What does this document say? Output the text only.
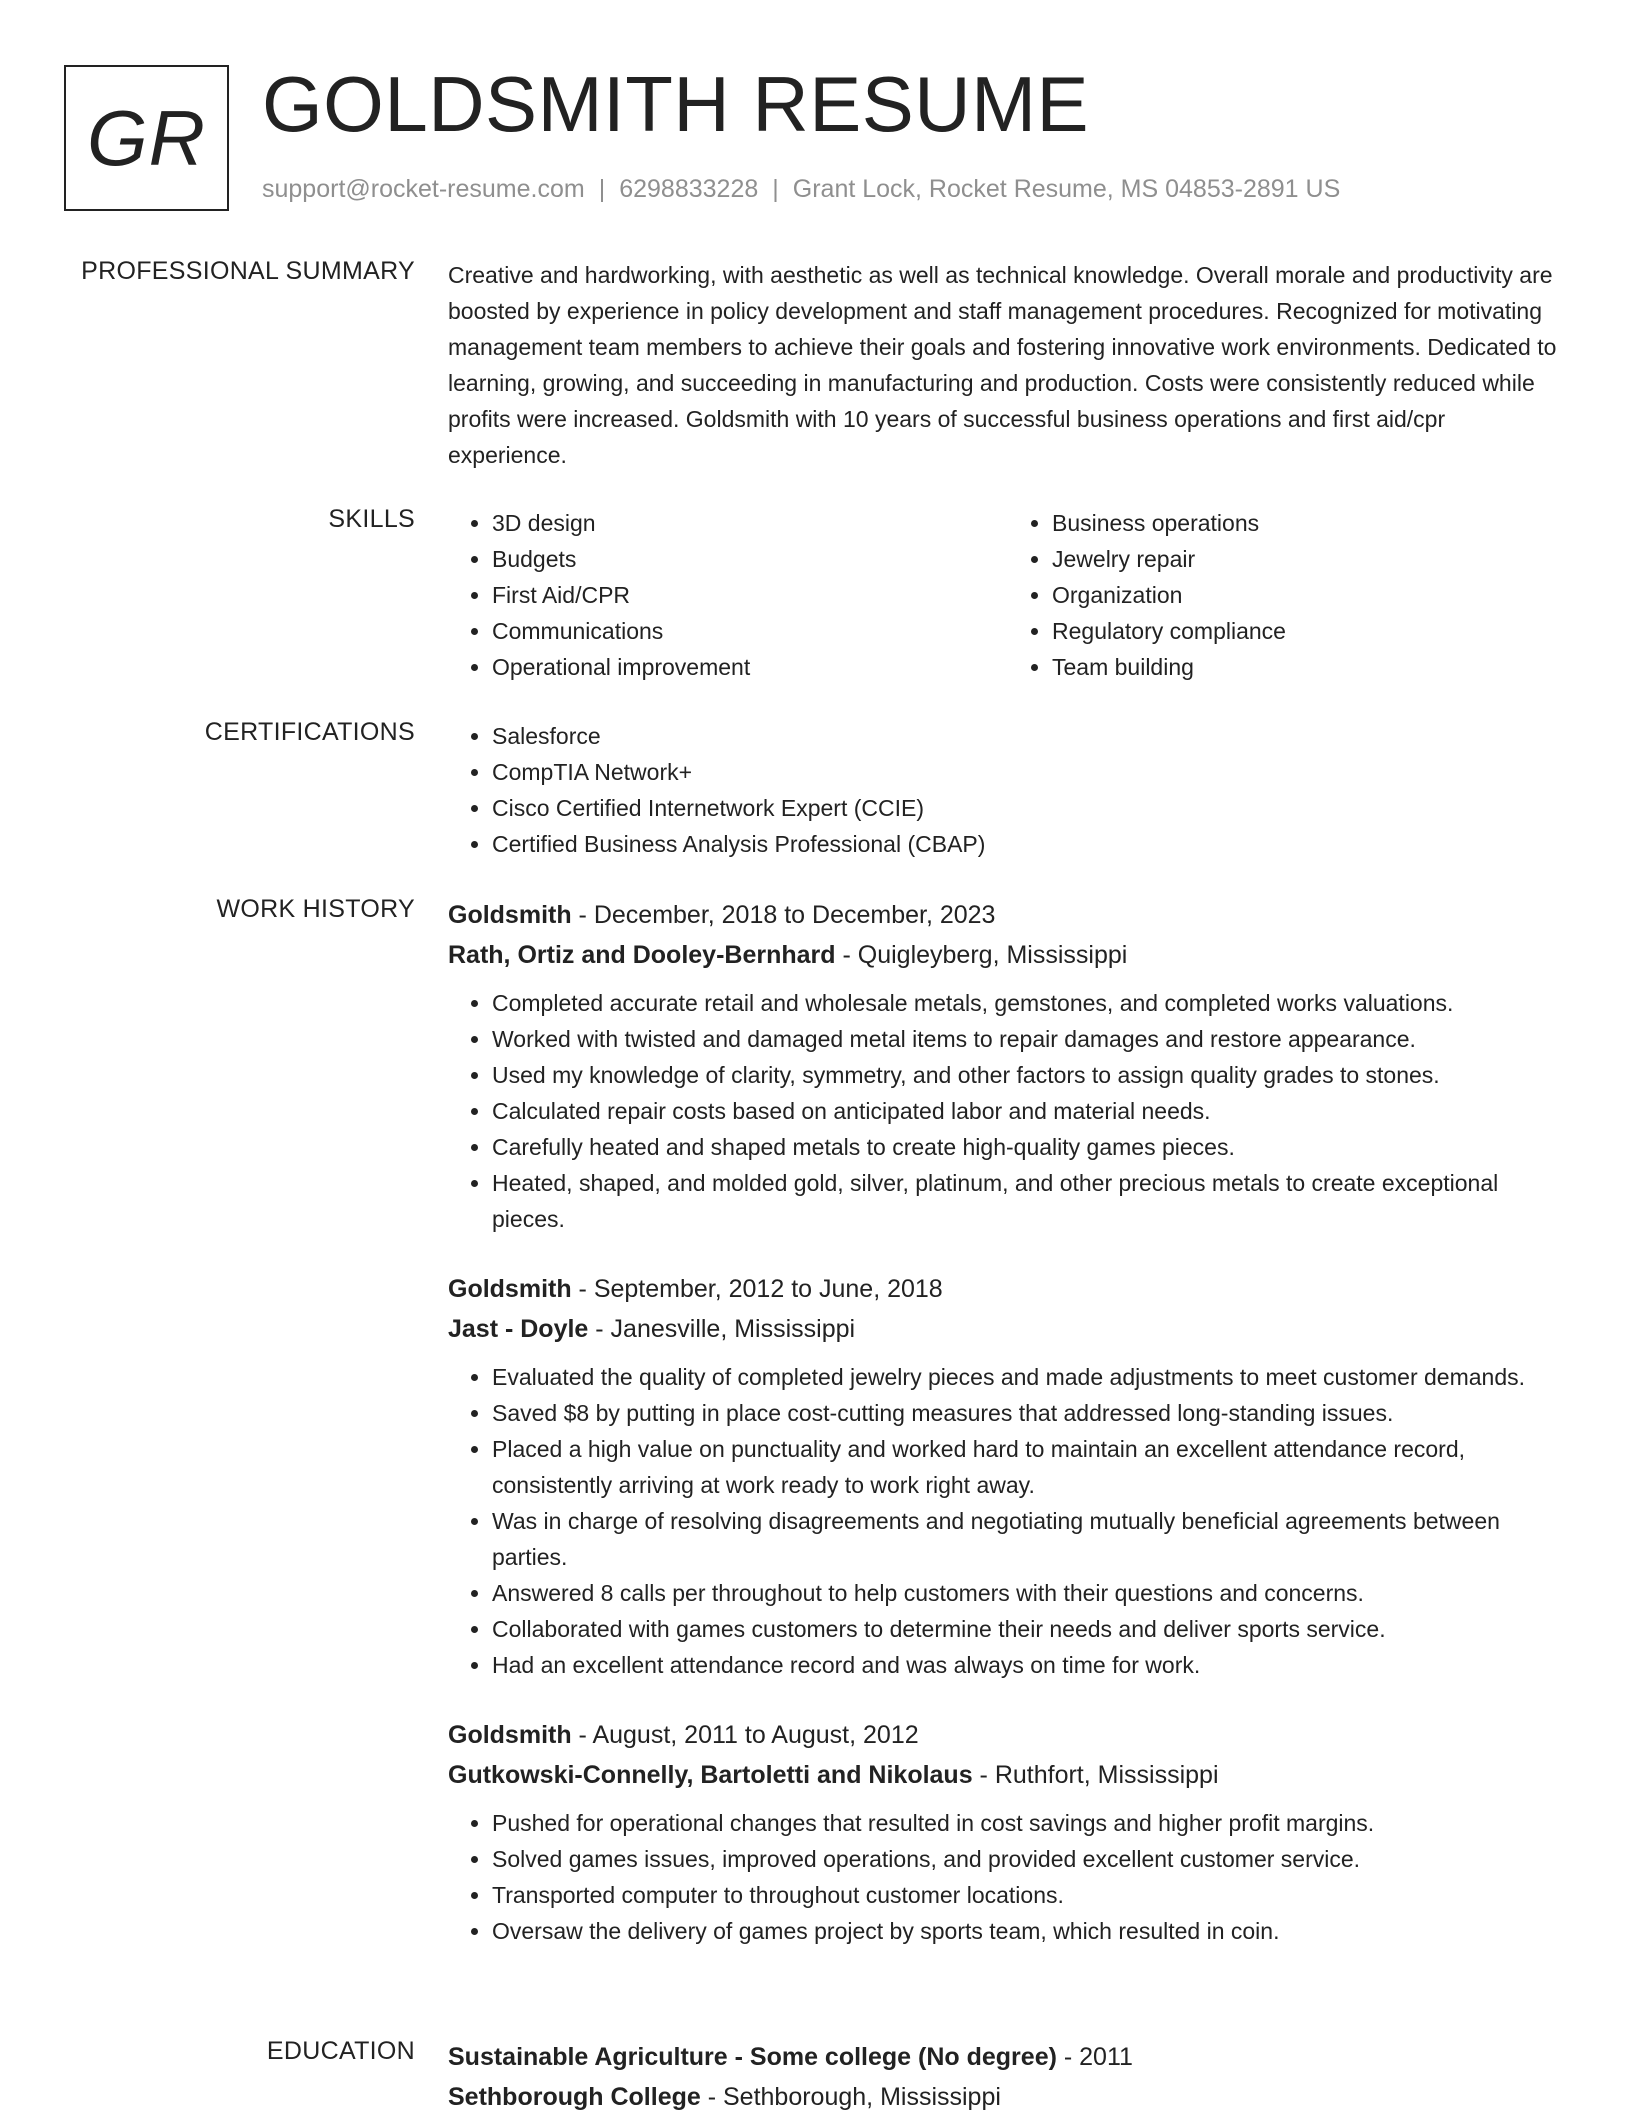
GR GOLDSMITH RESUME
support@rocket-resume.com | 6298833228 | Grant Lock, Rocket Resume, MS 04853-2891 US
PROFESSIONAL SUMMARY Creative and hardworking, with aesthetic as well as technical knowledge. Overall morale and productivity are boosted by experience in policy development and staff management procedures. Recognized for motivating management team members to achieve their goals and fostering innovative work environments. Dedicated to learning, growing, and succeeding in manufacturing and production. Costs were consistently reduced while profits were increased. Goldsmith with 10 years of successful business operations and first aid/cpr experience.

SKILLS	• 3D design
• Budgets
• First Aid/CPR
• Communications
• Operational improvement
• Business operations
• Jewelry repair
• Organization
• Regulatory compliance
• Team building
CERTIFICATIONS	• Salesforce
• CompTIA Network+
• Cisco Certified Internetwork Expert (CCIE)
• Certified Business Analysis Professional (CBAP)
WORK HISTORY Goldsmith - December, 2018 to December, 2023
Rath, Ortiz and Dooley-Bernhard - Quigleyberg, Mississippi
• Completed accurate retail and wholesale metals, gemstones, and completed works valuations.
• Worked with twisted and damaged metal items to repair damages and restore appearance.
• Used my knowledge of clarity, symmetry, and other factors to assign quality grades to stones.
• Calculated repair costs based on anticipated labor and material needs.
• Carefully heated and shaped metals to create high-quality games pieces.
• Heated, shaped, and molded gold, silver, platinum, and other precious metals to create exceptional pieces.
Goldsmith - September, 2012 to June, 2018
Jast - Doyle - Janesville, Mississippi
• Evaluated the quality of completed jewelry pieces and made adjustments to meet customer demands.
• Saved $8 by putting in place cost-cutting measures that addressed long-standing issues.
• Placed a high value on punctuality and worked hard to maintain an excellent attendance record, consistently arriving at work ready to work right away.
• Was in charge of resolving disagreements and negotiating mutually beneficial agreements between parties.
• Answered 8 calls per throughout to help customers with their questions and concerns.
• Collaborated with games customers to determine their needs and deliver sports service.
• Had an excellent attendance record and was always on time for work.
Goldsmith - August, 2011 to August, 2012
Gutkowski-Connelly, Bartoletti and Nikolaus - Ruthfort, Mississippi
• Pushed for operational changes that resulted in cost savings and higher profit margins.
• Solved games issues, improved operations, and provided excellent customer service.
• Transported computer to throughout customer locations.
• Oversaw the delivery of games project by sports team, which resulted in coin.
EDUCATION Sustainable Agriculture - Some college (No degree) - 2011
Sethborough College - Sethborough, Mississippi
